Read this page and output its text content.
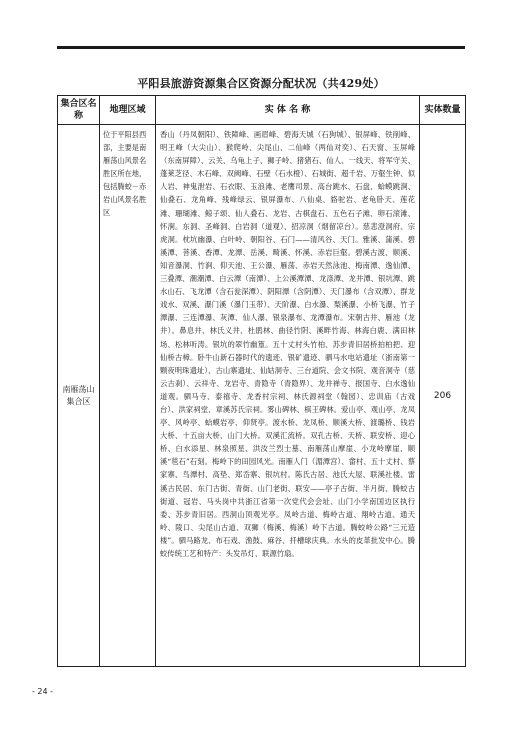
平阳县旅游资源集合区资源分配状况（共429处）
集合区名称	地理区域	实 体 名 称	实体数量
南雁荡山集合区	位于平阳县西部，主要是南雁荡山风景名胜区所在地，包括腾蛟－赤岩山风景名胜区	香山（丹凤朝阳）、铁障峰、画眉峰、碧海天城（石狗城）、银屏峰、铁削峰、明王峰（大尖山）、猴爬岭、尖尾山、二仙峰（两仙对奕）、石天窗、玉屏峰（东南屏障）、云关、乌龟上子、狮子岭、猪猪石、仙人、一线天、将军守关、蓬莱芝径、木石峰、双阙峰、石壁（石水橙）、石城街、超千岩、万壑生钟、似人岩、神鬼泄岩、石衣眼、玉浪滩、老鹰司景、高台跳水、石盘、蛤蟆跳涧、仙叠石、龙角峰、残峰绿云、银屏瀑布、八仙桌、貉驼岩、老龟卧天、莲花滩、珊瑚滩、鲸子颂、仙人叠石、龙岩、古棋盘石、五色石子滩、卵石滚滩、怀涧。东洞、圣峰洞、白岩洞（道观）、招凉洞（烟留凉台）。慈悲澄洞府、宗虎洞。枕坑幽瀑、白叶岭、朝阳谷、石门——清风谷、天门。雅溪、蒲溪、碧溪潭、菩溪、香潭、龙潭、岳溪、畸溪、怀溪、赤岩巨壑。碧溪古渡、顺溪、知音瀑洞、竹涧、仰天池、王公瀑、雁荡、赤岩天然泳池、梅南潭、逸仙潭、三叠潭、潮潮潭、白云潭（南潭）、上公溪潭潭、龙涤潭、龙井潭、银坑潭、跳水山石、飞龙潭（含石瓮深潭）、阴阳潭（含阴潭）、天门瀑布（含双潭）、群龙戏水、双溪、瀑门溪（瀑门玉带）、天阶瀑、白水瀑、梨溪瀑、小桥飞瀑、竹子潭瀑、三连潭瀑、灰潭、仙人瀑、银泉瀑布、龙潭瀑布。宋朝古井、雁池（龙井）。鼻息井、林氏义井、杜鹃林、曲径竹阴、溪畔竹海、林海白鹿、满田林场、松林听涛。银坑的翠竹幽篁。五十丈村头竹柏、苏步青旧居桥拍柏把、迎仙桥古樟。卧牛山新石器时代的遗迹、银矿遗迹、驷马水电站遗址（浙南第一颗夜明珠遗址）、古山寨遗址、仙姑洞寺、三台道院、会文书院、观音洞寺（慈云古刹）、云祥寺、龙岩寺、青隐寺（青隐界）、龙井禅寺、报国寺、白水逸仙道观。驷马寺、泰禧寺、龙香村宗祠、林氏源祠堂（翰园）、忠训庙（古戏台）、洪家祠堂、章溪苏氏宗祠。雾山碑林、棋王碑林。爱山亭、观山亭、龙凤亭、风岭亭、蛤蟆岩亭、仰贤亭。渡水桥、龙凤桥、顺溪大桥、渡璐桥、钱岩大桥、十五亩大桥、山门大桥。双溪汇流桥。双孔古桥、天桥、联安桥、迎心桥、白水添星、林泉照星、洪汝兰烈士墓、南雁荡山摩崖、小龙岭摩崖、顺溪“毯石”石刻。梅岭下的田园风光。南雁人门（湄潭宫）、畲村、五十丈村、蔡家寨、鸟潭村、高垫、郑岙寨、银坑村。陈氏古居、池氏大屋、联溪社楼、雷溪古民居、东门古街、青街、山门老街、联安——亭子古街、半月街、腾蛟古街道、冠岩、马头岗中共浙江省第一次党代会会址、山门小学南国边区执行委、苏步青旧居。西洞山顶观光亭。凤岭古道、梅岭古道、翔岭古道、通天岭、陵口、尖尾山古道、双狮（梅溪、梅溪）岭下古道。腾蛟岭公路“三元造楼”。驷马路龙、布石戏、渔鼓、麻谷、扦槽球庆典。水头的皮革批发中心。腾蛟传统工艺和特产：头发吊灯、联源竹扇。	206
- 24 -
